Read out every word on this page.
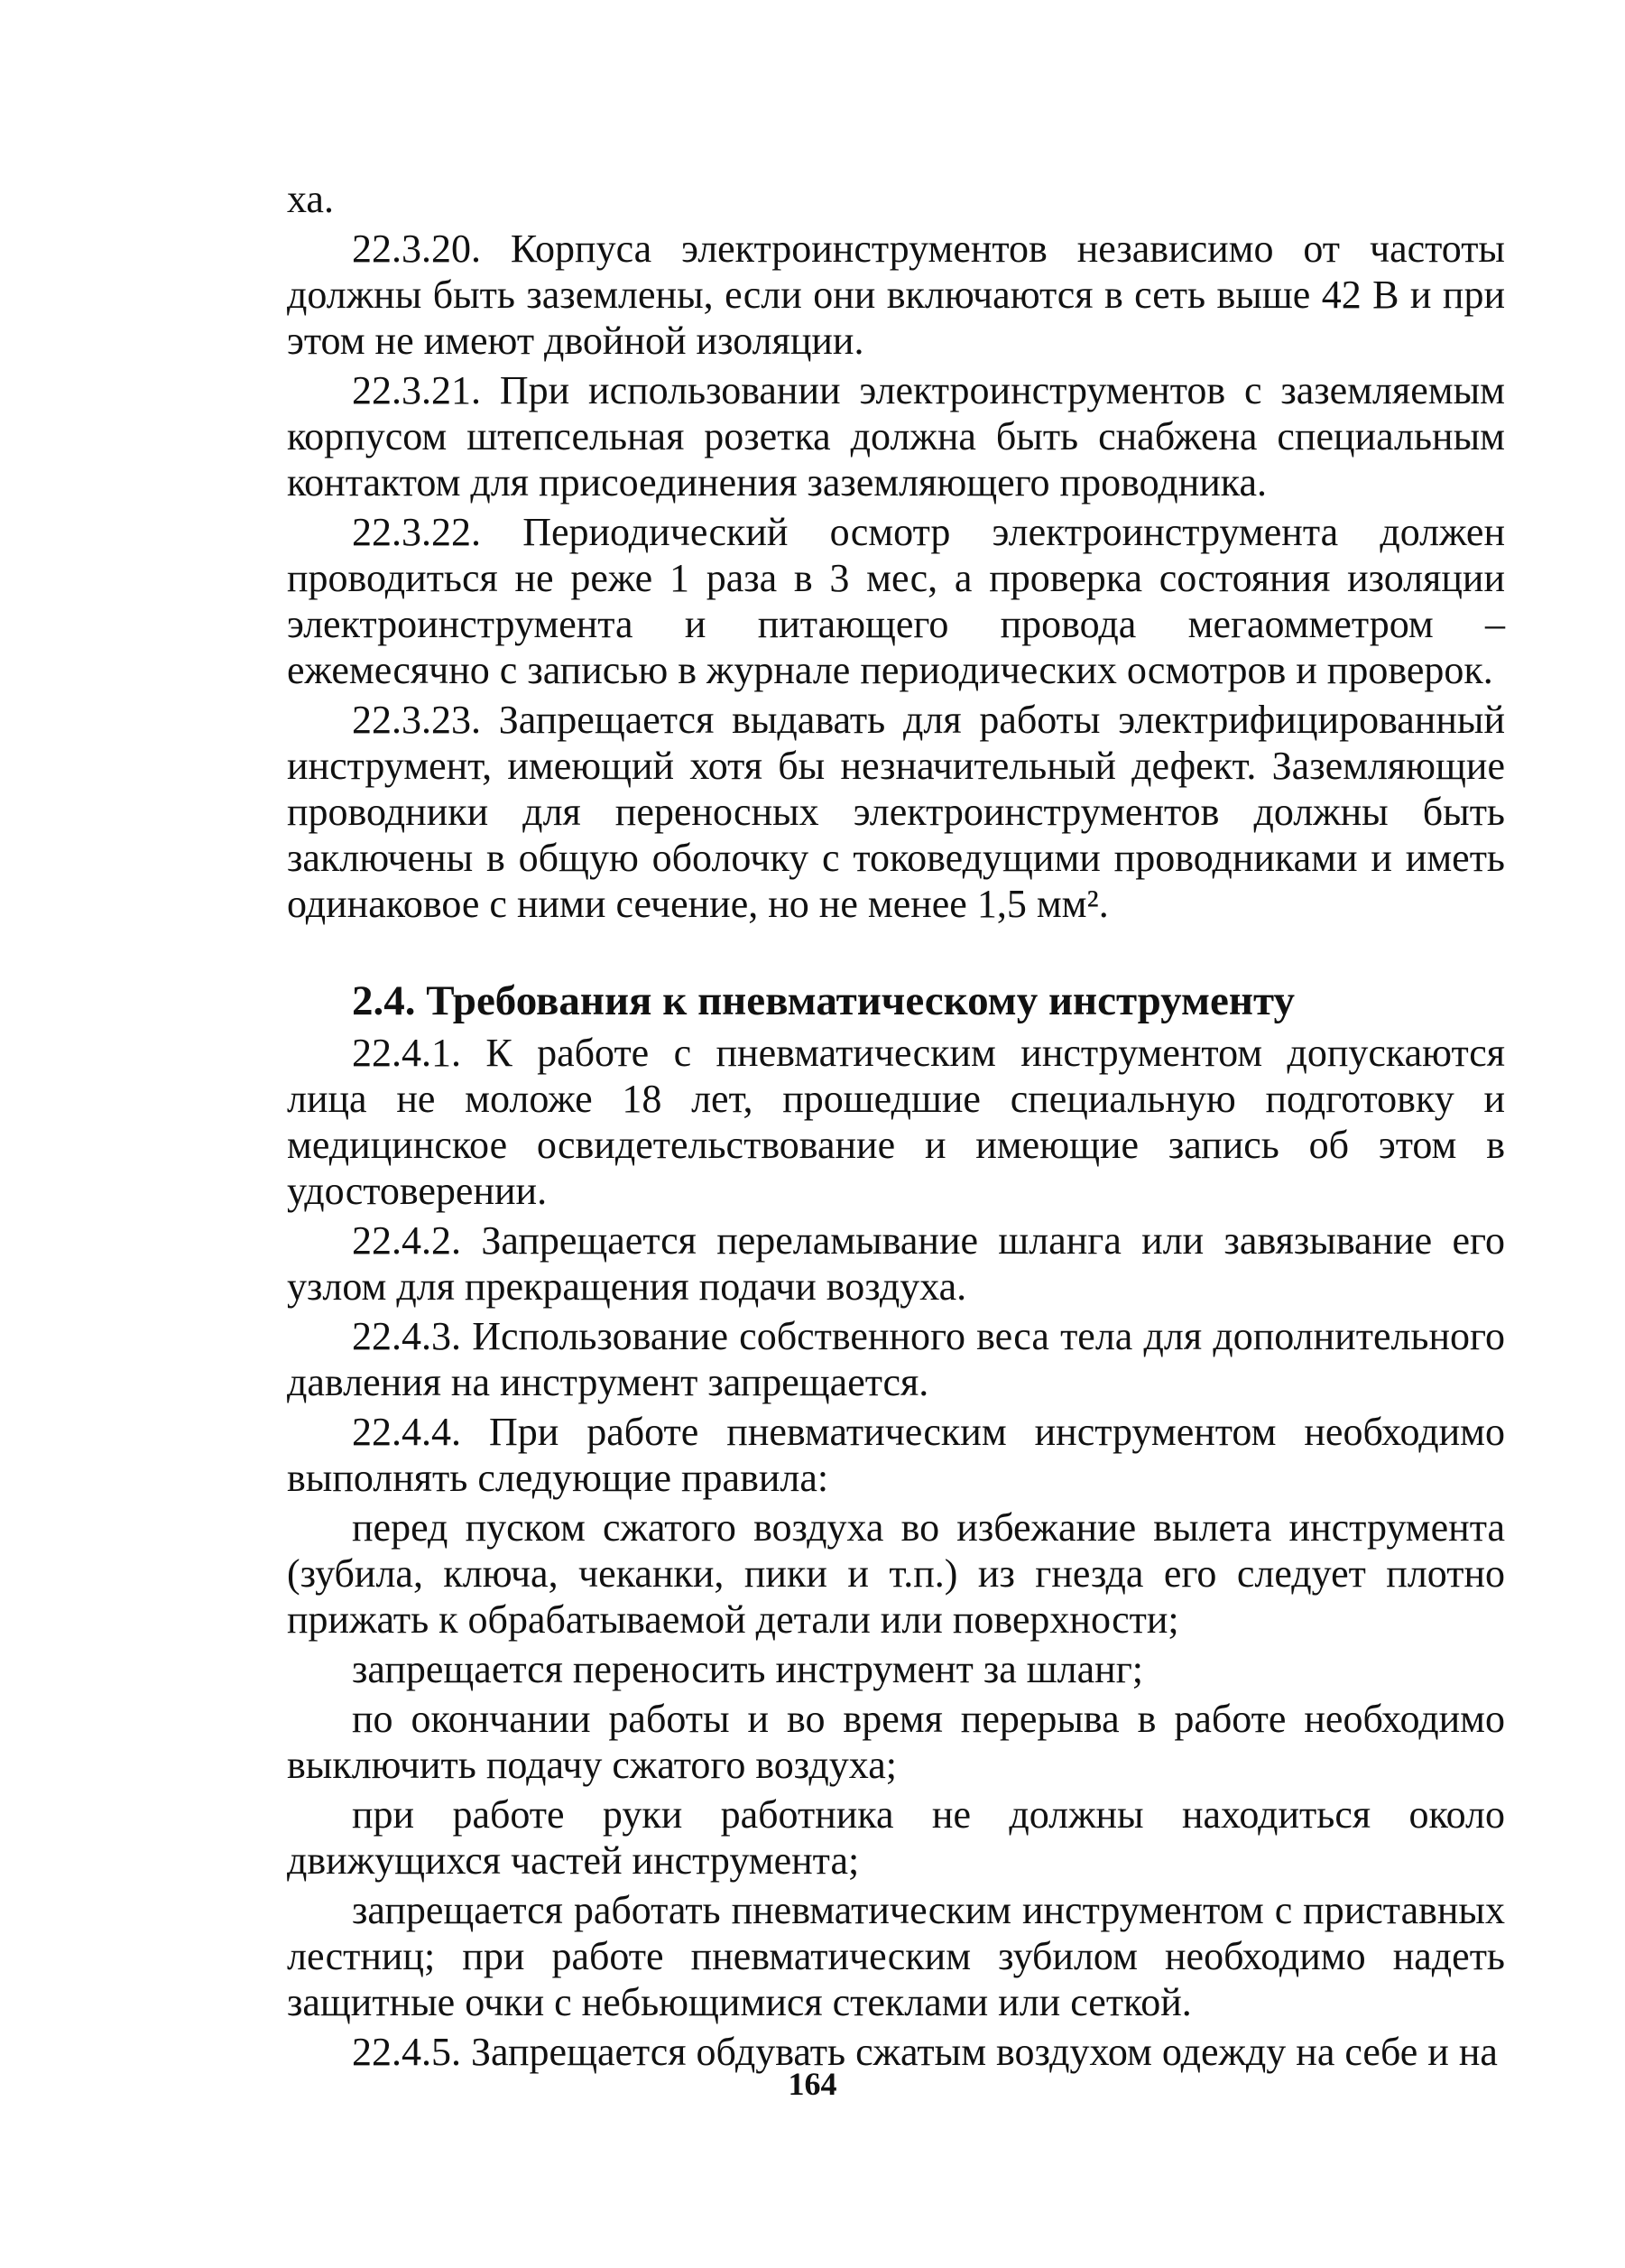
ха.

22.3.20. Корпуса электроинструментов независимо от частоты должны быть заземлены, если они включаются в сеть выше 42 В и при этом не имеют двойной изоляции.

22.3.21. При использовании электроинструментов с заземляемым корпусом штепсельная розетка должна быть снабжена специальным контактом для присоединения заземляющего проводника.

22.3.22. Периодический осмотр электроинструмента должен проводиться не реже 1 раза в 3 мес, а проверка состояния изоляции электроинструмента и питающего провода мегаомметром – ежемесячно с записью в журнале периодических осмотров и проверок.

22.3.23. Запрещается выдавать для работы электрифицированный инструмент, имеющий хотя бы незначительный дефект. Заземляющие проводники для переносных электроинструментов должны быть заключены в общую оболочку с токоведущими проводниками и иметь одинаковое с ними сечение, но не менее 1,5 мм².

2.4. Требования к пневматическому инструменту

22.4.1. К работе с пневматическим инструментом допускаются лица не моложе 18 лет, прошедшие специальную подготовку и медицинское освидетельствование и имеющие запись об этом в удостоверении.

22.4.2. Запрещается переламывание шланга или завязывание его узлом для прекращения подачи воздуха.

22.4.3. Использование собственного веса тела для дополнительного давления на инструмент запрещается.

22.4.4. При работе пневматическим инструментом необходимо выполнять следующие правила:

перед пуском сжатого воздуха во избежание вылета инструмента (зубила, ключа, чеканки, пики и т.п.) из гнезда его следует плотно прижать к обрабатываемой детали или поверхности;

запрещается переносить инструмент за шланг;

по окончании работы и во время перерыва в работе необходимо выключить подачу сжатого воздуха;

при работе руки работника не должны находиться около движущихся частей инструмента;

запрещается работать пневматическим инструментом с приставных лестниц; при работе пневматическим зубилом необходимо надеть защитные очки с небьющимися стеклами или сеткой.

22.4.5. Запрещается обдувать сжатым воздухом одежду на себе и на

164
